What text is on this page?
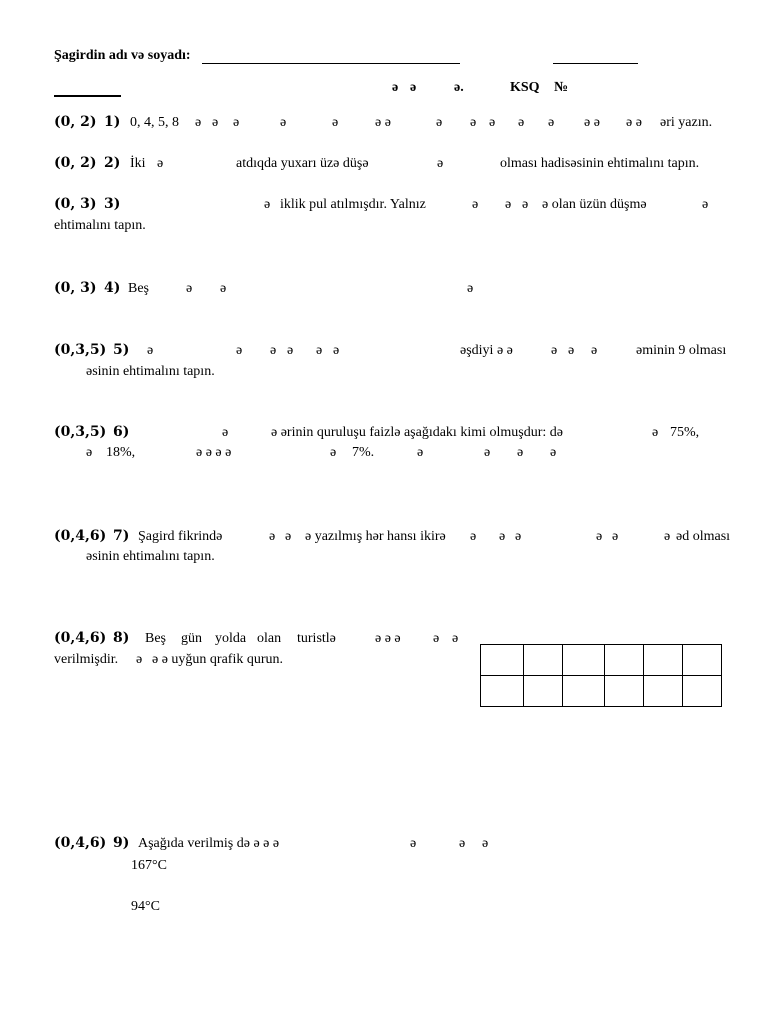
Şagirdin adı və soyadı:
ə ə	ə.	KSQ №
(0, 2) 1) 0, 4, 5, 8 ə ə ə	ə	ə	ə ə	ə ə ə ə ə ə ə ə ə əri yazın.
(0, 2) 2) İki ə	atdıqda yuxarı üzə düşə	ə	olması hadisəsinin ehtimalını tapın.
(0, 3) 3)	ə iklik pul atılmışdır. Yalnız	ə ə ə ə olan üzün düşmə	ə
ehtimalını tapın.
(0, 3) 4) Beş	ə ə	ə
(0,3,5) 5) ə	ə ə ə ə ə	əşdiyi ə ə	ə ə ə	əminin 9 olması
əsinin ehtimalını tapın.
(0,3,5) 6)	ə	ə ərinin quruluşu faizlə aşağıdakı kimi olmuşdur: də	ə 75%,
ə 18%,	ə ə ə ə	ə 7%.	ə	ə ə ə
(0,4,6) 7) Şagird fikrində	ə ə ə yazılmış hər hansı ikirə ə ə ə	ə ə	ə əd olması
əsinin ehtimalını tapın.
(0,4,6) 8) Beş gün yolda olan turistlə	ə ə ə ə ə
verilmişdir. ə ə ə uyğun qrafik qurun.

(0,4,6) 9) Aşağıda verilmiş də ə ə ə	ə	ə ə
167°C
94°C
